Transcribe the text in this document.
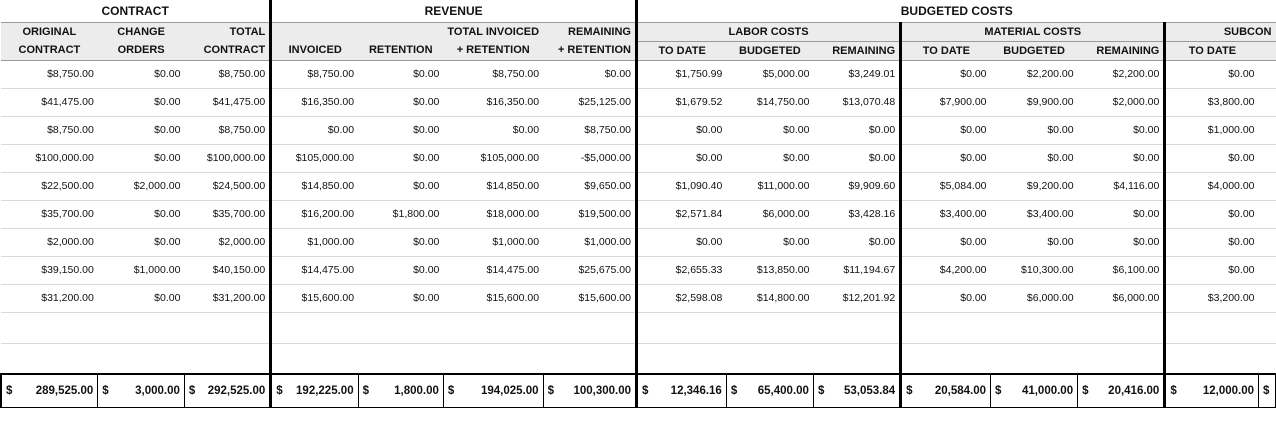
CONTRACT			REVENUE				BUDGETED COSTS							
ORIGINAL	CHANGE	TOTAL			TOTAL INVOICED	REMAINING	LABOR COSTS			MATERIAL COSTS			SUBCON	
CONTRACT	ORDERS	CONTRACT	INVOICED	RETENTION	+ RETENTION	+ RETENTION	TO DATE	BUDGETED	REMAINING	TO DATE	BUDGETED	REMAINING	TO DATE	
$8,750.00	$0.00	$8,750.00	$8,750.00	$0.00	$8,750.00	$0.00	$1,750.99	$5,000.00	$3,249.01	$0.00	$2,200.00	$2,200.00	$0.00	
$41,475.00	$0.00	$41,475.00	$16,350.00	$0.00	$16,350.00	$25,125.00	$1,679.52	$14,750.00	$13,070.48	$7,900.00	$9,900.00	$2,000.00	$3,800.00	
$8,750.00	$0.00	$8,750.00	$0.00	$0.00	$0.00	$8,750.00	$0.00	$0.00	$0.00	$0.00	$0.00	$0.00	$1,000.00	
$100,000.00	$0.00	$100,000.00	$105,000.00	$0.00	$105,000.00	-$5,000.00	$0.00	$0.00	$0.00	$0.00	$0.00	$0.00	$0.00	
$22,500.00	$2,000.00	$24,500.00	$14,850.00	$0.00	$14,850.00	$9,650.00	$1,090.40	$11,000.00	$9,909.60	$5,084.00	$9,200.00	$4,116.00	$4,000.00	
$35,700.00	$0.00	$35,700.00	$16,200.00	$1,800.00	$18,000.00	$19,500.00	$2,571.84	$6,000.00	$3,428.16	$3,400.00	$3,400.00	$0.00	$0.00	
$2,000.00	$0.00	$2,000.00	$1,000.00	$0.00	$1,000.00	$1,000.00	$0.00	$0.00	$0.00	$0.00	$0.00	$0.00	$0.00	
$39,150.00	$1,000.00	$40,150.00	$14,475.00	$0.00	$14,475.00	$25,675.00	$2,655.33	$13,850.00	$11,194.67	$4,200.00	$10,300.00	$6,100.00	$0.00	
$31,200.00	$0.00	$31,200.00	$15,600.00	$0.00	$15,600.00	$15,600.00	$2,598.08	$14,800.00	$12,201.92	$0.00	$6,000.00	$6,000.00	$3,200.00	

$ 289,525.00	$ 3,000.00	$ 292,525.00	$ 192,225.00	$ 1,800.00	$ 194,025.00	$ 100,300.00	$ 12,346.16	$ 65,400.00	$ 53,053.84	$ 20,584.00	$ 41,000.00	$ 20,416.00	$ 12,000.00	$
